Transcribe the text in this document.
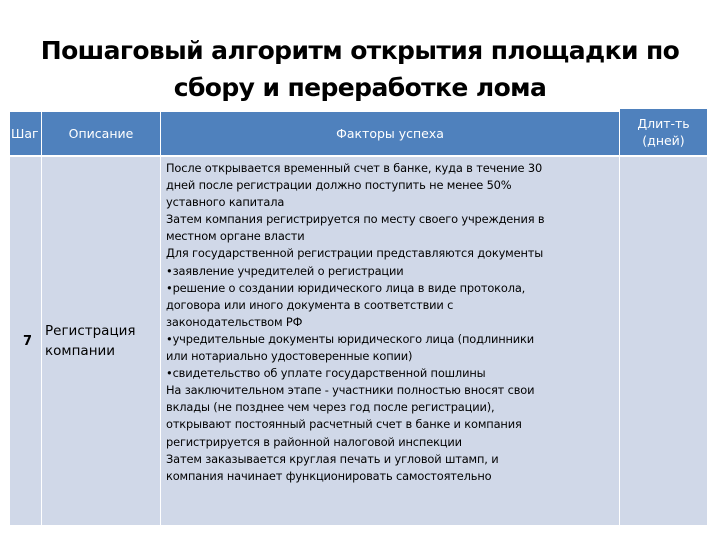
Пошаговый алгоритм открытия площадки по
сбору и переработке лома
Шаг	Описание	Факторы успеха
Длит-ть
(дней)
7
Регистрация
компании
После открывается временный счет в банке, куда в течение 30
дней после регистрации должно поступить не менее 50%
уставного капитала
Затем компания регистрируется по месту своего учреждения в
местном органе власти
Для государственной регистрации представляются документы
•заявление учредителей о регистрации
•решение о создании юридического лица в виде протокола,
договора или иного документа в соответствии с
законодательством РФ
•учредительные документы юридического лица (подлинники
или нотариально удостоверенные копии)
•свидетельство об уплате государственной пошлины
На заключительном этапе - участники полностью вносят свои
вклады (не позднее чем через год после регистрации),
открывают постоянный расчетный счет в банке и компания
регистрируется в районной налоговой инспекции
Затем заказывается круглая печать и угловой штамп, и
компания начинает функционировать самостоятельно
